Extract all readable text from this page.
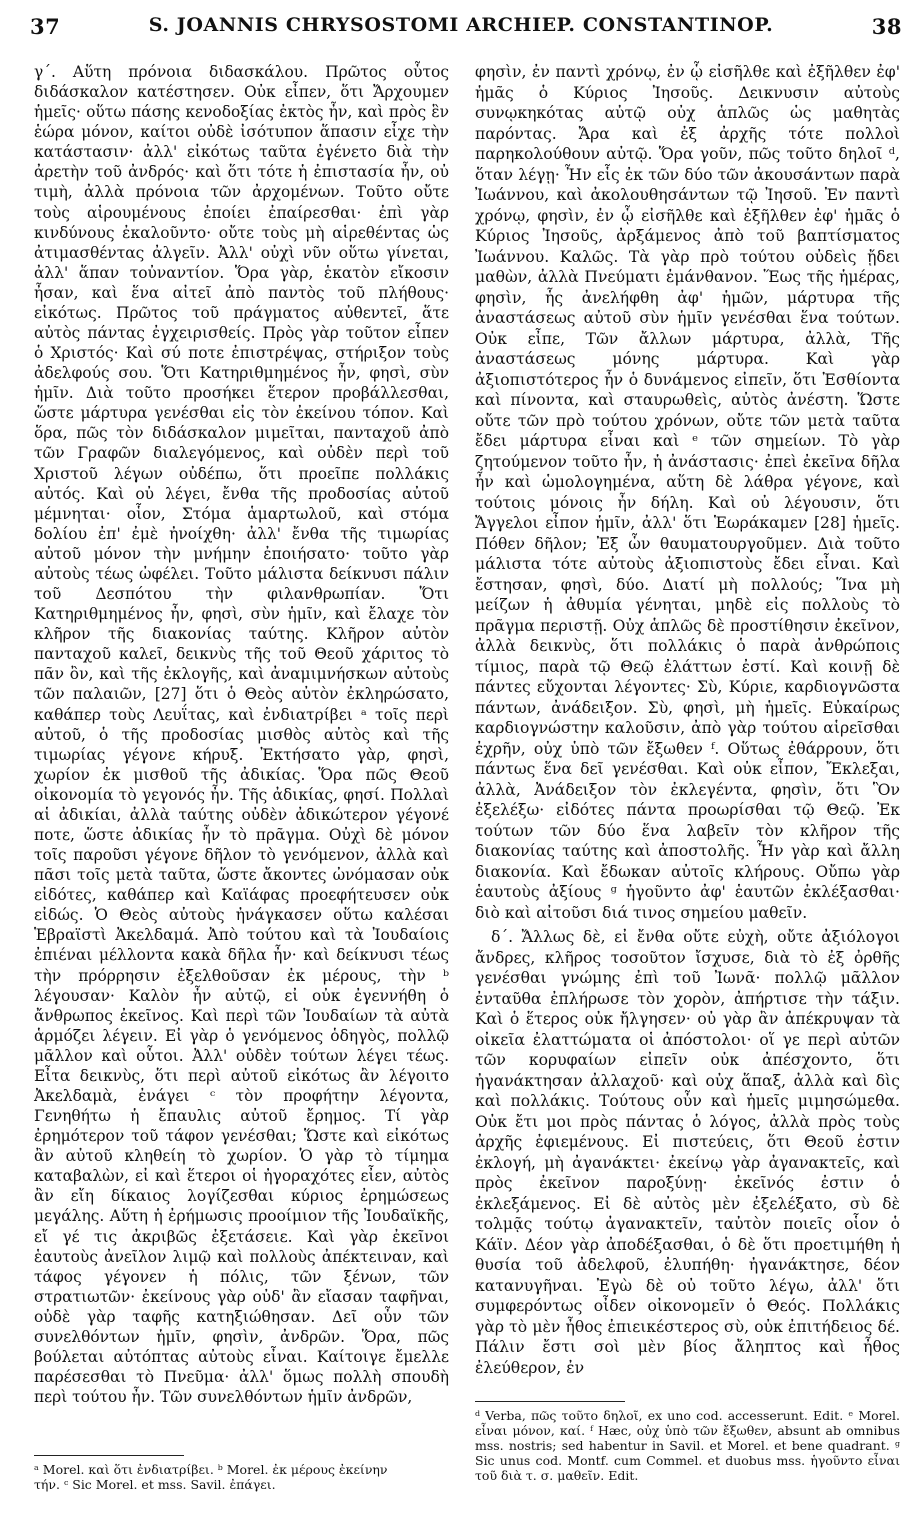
37	S. JOANNIS CHRYSOSTOMI ARCHIEP. CONSTANTINOP.	38

γ΄. Αὕτη πρόνοια διδασκάλου. Πρῶτος οὗτος διδάσκαλον κατέστησεν. Οὐκ εἶπεν, ὅτι Ἄρχουμεν ἡμεῖς· οὕτω πάσης κενοδοξίας ἐκτὸς ἦν, καὶ πρὸς ἓν ἑώρα μόνον, καίτοι οὐδὲ ἰσότυπον ἅπασιν εἶχε τὴν κατάστασιν· ἀλλ' εἰκότως ταῦτα ἐγένετο διὰ τὴν ἀρετὴν τοῦ ἀνδρός· καὶ ὅτι τότε ἡ ἐπιστασία ἦν, οὐ τιμὴ, ἀλλὰ πρόνοια τῶν ἀρχομένων. Τοῦτο οὔτε τοὺς αἱρουμένους ἐποίει ἐπαίρεσθαι· ἐπὶ γὰρ κινδύνους ἐκαλοῦντο· οὔτε τοὺς μὴ αἱρεθέντας ὡς ἀτιμασθέντας ἀλγεῖν. Ἀλλ' οὐχὶ νῦν οὕτω γίνεται, ἀλλ' ἅπαν τοὐναντίον. Ὅρα γὰρ, ἑκατὸν εἴκοσιν ἦσαν, καὶ ἕνα αἰτεῖ ἀπὸ παντὸς τοῦ πλήθους· εἰκότως. Πρῶτος τοῦ πράγματος αὐθεντεῖ, ἅτε αὐτὸς πάντας ἐγχειρισθείς. Πρὸς γὰρ τοῦτον εἶπεν ὁ Χριστός· Καὶ σύ ποτε ἐπιστρέψας, στήριξον τοὺς ἀδελφούς σου. Ὅτι Κατηριθμημένος ἦν, φησὶ, σὺν ἡμῖν. Διὰ τοῦτο προσήκει ἕτερον προβάλλεσθαι, ὥστε μάρτυρα γενέσθαι εἰς τὸν ἐκείνου τόπον. Καὶ ὅρα, πῶς τὸν διδάσκαλον μιμεῖται, πανταχοῦ ἀπὸ τῶν Γραφῶν διαλεγόμενος, καὶ οὐδὲν περὶ τοῦ Χριστοῦ λέγων οὐδέπω, ὅτι προεῖπε πολλάκις αὐτός. Καὶ οὐ λέγει, ἔνθα τῆς προδοσίας αὐτοῦ μέμνηται· οἷον, Στόμα ἁμαρτωλοῦ, καὶ στόμα δολίου ἐπ' ἐμὲ ἠνοίχθη· ἀλλ' ἔνθα τῆς τιμωρίας αὐτοῦ μόνον τὴν μνήμην ἐποιήσατο· τοῦτο γὰρ αὐτοὺς τέως ὠφέλει. Τοῦτο μάλιστα δείκνυσι πάλιν τοῦ Δεσπότου τὴν φιλανθρωπίαν. Ὅτι Κατηριθμημένος ἦν, φησὶ, σὺν ἡμῖν, καὶ ἔλαχε τὸν κλῆρον τῆς διακονίας ταύτης. Κλῆρον αὐτὸν πανταχοῦ καλεῖ, δεικνὺς τῆς τοῦ Θεοῦ χάριτος τὸ πᾶν ὂν, καὶ τῆς ἐκλογῆς, καὶ ἀναμιμνήσκων αὐτοὺς τῶν παλαιῶν, [27] ὅτι ὁ Θεὸς αὐτὸν ἐκληρώσατο, καθάπερ τοὺς Λευΐτας, καὶ ἐνδιατρίβει ᵃ τοῖς περὶ αὐτοῦ, ὁ τῆς προδοσίας μισθὸς αὐτὸς καὶ τῆς τιμωρίας γέγονε κήρυξ. Ἐκτήσατο γὰρ, φησὶ, χωρίον ἐκ μισθοῦ τῆς ἀδικίας. Ὅρα πῶς Θεοῦ οἰκονομία τὸ γεγονός ἦν. Τῆς ἀδικίας, φησί. Πολλαὶ αἱ ἀδικίαι, ἀλλὰ ταύτης οὐδὲν ἀδικώτερον γέγονέ ποτε, ὥστε ἀδικίας ἦν τὸ πρᾶγμα. Οὐχὶ δὲ μόνον τοῖς παροῦσι γέγονε δῆλον τὸ γενόμενον, ἀλλὰ καὶ πᾶσι τοῖς μετὰ ταῦτα, ὥστε ἄκοντες ὠνόμασαν οὐκ εἰδότες, καθάπερ καὶ Καϊάφας προεφήτευσεν οὐκ εἰδώς. Ὁ Θεὸς αὐτοὺς ἠνάγκασεν οὕτω καλέσαι Ἑβραϊστὶ Ἀκελδαμά. Ἀπὸ τούτου καὶ τὰ Ἰουδαίοις ἐπιέναι μέλλοντα κακὰ δῆλα ἦν· καὶ δείκνυσι τέως τὴν πρόρρησιν ἐξελθοῦσαν ἐκ μέρους, τὴν ᵇ λέγουσαν· Καλὸν ἦν αὐτῷ, εἰ οὐκ ἐγεννήθη ὁ ἄνθρωπος ἐκεῖνος. Καὶ περὶ τῶν Ἰουδαίων τὰ αὐτὰ ἁρμόζει λέγειν. Εἰ γὰρ ὁ γενόμενος ὁδηγὸς, πολλῷ μᾶλλον καὶ οὗτοι. Ἀλλ' οὐδὲν τούτων λέγει τέως. Εἶτα δεικνὺς, ὅτι περὶ αὐτοῦ εἰκότως ἂν λέγοιτο Ἀκελδαμὰ, ἐνάγει ᶜ τὸν προφήτην λέγοντα, Γενηθήτω ἡ ἔπαυλις αὐτοῦ ἔρημος. Τί γὰρ ἐρημότερον τοῦ τάφον γενέσθαι; Ὥστε καὶ εἰκότως ἂν αὐτοῦ κληθείη τὸ χωρίον. Ὁ γὰρ τὸ τίμημα καταβαλὼν, εἰ καὶ ἕτεροι οἱ ἠγοραχότες εἶεν, αὐτὸς ἂν εἴη δίκαιος λογίζεσθαι κύριος ἐρημώσεως μεγάλης. Αὕτη ἡ ἐρήμωσις προοίμιον τῆς Ἰουδαϊκῆς, εἴ γέ τις ἀκριβῶς ἐξετάσειε. Καὶ γὰρ ἐκεῖνοι ἑαυτοὺς ἀνεῖλον λιμῷ καὶ πολλοὺς ἀπέκτειναν, καὶ τάφος γέγονεν ἡ πόλις, τῶν ξένων, τῶν στρατιωτῶν· ἐκείνους γὰρ οὐδ' ἂν εἴασαν ταφῆναι, οὐδὲ γὰρ ταφῆς κατηξιώθησαν. Δεῖ οὖν τῶν συνελθόντων ἡμῖν, φησὶν, ἀνδρῶν. Ὅρα, πῶς βούλεται αὐτόπτας αὐτοὺς εἶναι. Καίτοιγε ἔμελλε παρέσεσθαι τὸ Πνεῦμα· ἀλλ' ὅμως πολλὴ σπουδὴ περὶ τούτου ἦν. Τῶν συνελθόντων ἡμῖν ἀνδρῶν,

φησὶν, ἐν παντὶ χρόνῳ, ἐν ᾧ εἰσῆλθε καὶ ἐξῆλθεν ἐφ' ἡμᾶς ὁ Κύριος Ἰησοῦς. Δεικνυσιν αὐτοὺς συνῳκηκότας αὐτῷ οὐχ ἁπλῶς ὡς μαθητὰς παρόντας. Ἄρα καὶ ἐξ ἀρχῆς τότε πολλοὶ παρηκολούθουν αὐτῷ. Ὅρα γοῦν, πῶς τοῦτο δηλοῖ ᵈ, ὅταν λέγῃ· Ἦν εἷς ἐκ τῶν δύο τῶν ἀκουσάντων παρὰ Ἰωάννου, καὶ ἀκολουθησάντων τῷ Ἰησοῦ. Ἐν παντὶ χρόνῳ, φησὶν, ἐν ᾧ εἰσῆλθε καὶ ἐξῆλθεν ἐφ' ἡμᾶς ὁ Κύριος Ἰησοῦς, ἀρξάμενος ἀπὸ τοῦ βαπτίσματος Ἰωάννου. Καλῶς. Τὰ γὰρ πρὸ τούτου οὐδεὶς ᾔδει μαθὼν, ἀλλὰ Πνεύματι ἐμάνθανον. Ἕως τῆς ἡμέρας, φησὶν, ἧς ἀνελήφθη ἀφ' ἡμῶν, μάρτυρα τῆς ἀναστάσεως αὐτοῦ σὺν ἡμῖν γενέσθαι ἕνα τούτων. Οὐκ εἶπε, Τῶν ἄλλων μάρτυρα, ἀλλὰ, Τῆς ἀναστάσεως μόνης μάρτυρα. Καὶ γὰρ ἀξιοπιστότερος ἦν ὁ δυνάμενος εἰπεῖν, ὅτι Ἐσθίοντα καὶ πίνοντα, καὶ σταυρωθεὶς, αὐτὸς ἀνέστη. Ὥστε οὔτε τῶν πρὸ τούτου χρόνων, οὔτε τῶν μετὰ ταῦτα ἔδει μάρτυρα εἶναι καὶ ᵉ τῶν σημείων. Τὸ γὰρ ζητούμενον τοῦτο ἦν, ἡ ἀνάστασις· ἐπεὶ ἐκεῖνα δῆλα ἦν καὶ ὡμολογημένα, αὕτη δὲ λάθρα γέγονε, καὶ τούτοις μόνοις ἦν δήλη. Καὶ οὐ λέγουσιν, ὅτι Ἄγγελοι εἶπον ἡμῖν, ἀλλ' ὅτι Ἑωράκαμεν [28] ἡμεῖς. Πόθεν δῆλον; Ἐξ ὧν θαυματουργοῦμεν. Διὰ τοῦτο μάλιστα τότε αὐτοὺς ἀξιοπιστοὺς ἔδει εἶναι. Καὶ ἔστησαν, φησὶ, δύο. Διατί μὴ πολλούς; Ἵνα μὴ μείζων ἡ ἀθυμία γένηται, μηδὲ εἰς πολλοὺς τὸ πρᾶγμα περιστῇ. Οὐχ ἁπλῶς δὲ προστίθησιν ἐκεῖνον, ἀλλὰ δεικνὺς, ὅτι πολλάκις ὁ παρὰ ἀνθρώποις τίμιος, παρὰ τῷ Θεῷ ἐλάττων ἐστί. Καὶ κοινῇ δὲ πάντες εὔχονται λέγοντες· Σὺ, Κύριε, καρδιογνῶστα πάντων, ἀνάδειξον. Σὺ, φησὶ, μὴ ἡμεῖς. Εὐκαίρως καρδιογνώστην καλοῦσιν, ἀπὸ γὰρ τούτου αἱρεῖσθαι ἐχρῆν, οὐχ ὑπὸ τῶν ἔξωθεν ᶠ. Οὕτως ἐθάρρουν, ὅτι πάντως ἕνα δεῖ γενέσθαι. Καὶ οὐκ εἶπον, Ἔκλεξαι, ἀλλὰ, Ἀνάδειξον τὸν ἐκλεγέντα, φησὶν, ὅτι Ὃν ἐξελέξω· εἰδότες πάντα προωρίσθαι τῷ Θεῷ. Ἐκ τούτων τῶν δύο ἕνα λαβεῖν τὸν κλῆρον τῆς διακονίας ταύτης καὶ ἀποστολῆς. Ἦν γὰρ καὶ ἄλλη διακονία. Καὶ ἔδωκαν αὐτοῖς κλήρους. Οὔπω γὰρ ἑαυτοὺς ἀξίους ᵍ ἡγοῦντο ἀφ' ἑαυτῶν ἐκλέξασθαι· διὸ καὶ αἰτοῦσι διά τινος σημείου μαθεῖν.

δ΄. Ἄλλως δὲ, εἰ ἔνθα οὔτε εὐχὴ, οὔτε ἀξιόλογοι ἄνδρες, κλῆρος τοσοῦτον ἴσχυσε, διὰ τὸ ἐξ ὀρθῆς γενέσθαι γνώμης ἐπὶ τοῦ Ἰωνᾶ· πολλῷ μᾶλλον ἐνταῦθα ἐπλήρωσε τὸν χορὸν, ἀπήρτισε τὴν τάξιν. Καὶ ὁ ἕτερος οὐκ ἤλγησεν· οὐ γὰρ ἂν ἀπέκρυψαν τὰ οἰκεῖα ἐλαττώματα οἱ ἀπόστολοι· οἵ γε περὶ αὐτῶν τῶν κορυφαίων εἰπεῖν οὐκ ἀπέσχοντο, ὅτι ἠγανάκτησαν ἀλλαχοῦ· καὶ οὐχ ἅπαξ, ἀλλὰ καὶ δὶς καὶ πολλάκις. Τούτους οὖν καὶ ἡμεῖς μιμησώμεθα. Οὐκ ἔτι μοι πρὸς πάντας ὁ λόγος, ἀλλὰ πρὸς τοὺς ἀρχῆς ἐφιεμένους. Εἰ πιστεύεις, ὅτι Θεοῦ ἐστιν ἐκλογή, μὴ ἀγανάκτει· ἐκείνῳ γὰρ ἀγανακτεῖς, καὶ πρὸς ἐκεῖνον παροξύνῃ· ἐκεῖνός ἐστιν ὁ ἐκλεξάμενος. Εἰ δὲ αὐτὸς μὲν ἐξελέξατο, σὺ δὲ τολμᾷς τούτῳ ἀγανακτεῖν, ταὐτὸν ποιεῖς οἷον ὁ Κάϊν. Δέον γὰρ ἀποδέξασθαι, ὁ δὲ ὅτι προετιμήθη ἡ θυσία τοῦ ἀδελφοῦ, ἐλυπήθη· ἠγανάκτησε, δέον κατανυγῆναι. Ἐγὼ δὲ οὐ τοῦτο λέγω, ἀλλ' ὅτι συμφερόντως οἶδεν οἰκονομεῖν ὁ Θεός. Πολλάκις γὰρ τὸ μὲν ἦθος ἐπιεικέστερος σὺ, οὐκ ἐπιτήδειος δέ. Πάλιν ἔστι σοὶ μὲν βίος ἄληπτος καὶ ἦθος ἐλεύθερον, ἐν

ᵃ Morel. καὶ ὅτι ἐνδιατρίβει. ᵇ Morel. ἐκ μέρους ἐκείνην

τήν. ᶜ Sic Morel. et mss. Savil. ἐπάγει.

ᵈ Verba, πῶς τοῦτο δηλοῖ, ex uno cod. accesserunt. Edit. ᵉ Morel. εἶναι μόνον, καί. ᶠ Hæc, οὐχ ὑπὸ τῶν ἔξωθεν, absunt ab omnibus mss. nostris; sed habentur in Savil. et Morel. et bene quadrant. ᵍ Sic unus cod. Montf. cum Commel. et duobus mss. ἡγοῦντο εἶναι τοῦ διὰ τ. σ. μαθεῖν. Edit.
